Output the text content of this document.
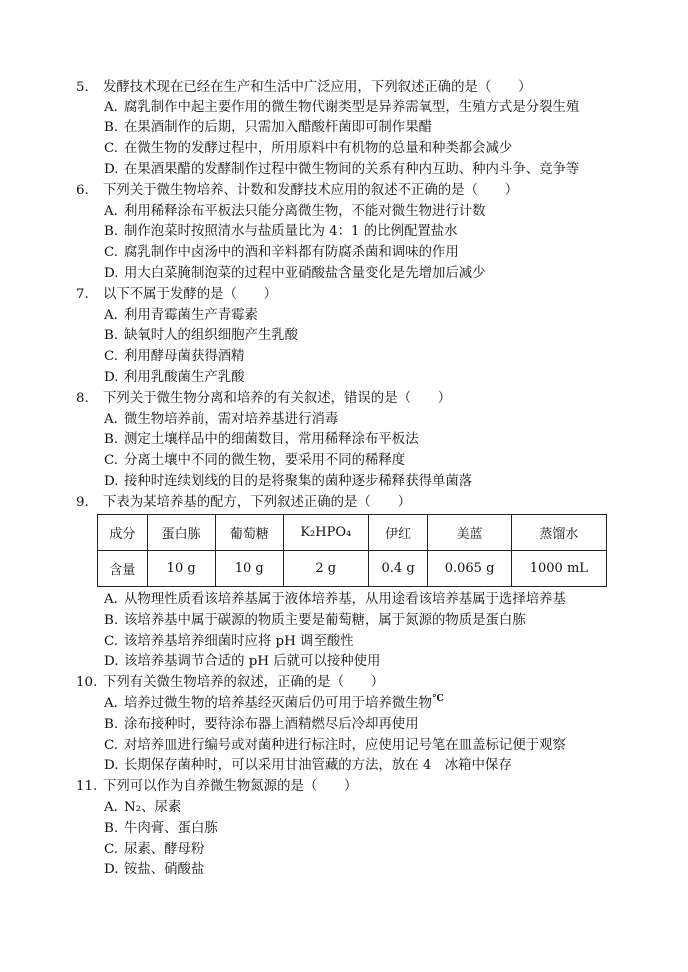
5. 发酵技术现在已经在生产和生活中广泛应用，下列叙述正确的是（　　）
A. 腐乳制作中起主要作用的微生物代谢类型是异养需氧型，生殖方式是分裂生殖
B. 在果酒制作的后期，只需加入醋酸杆菌即可制作果醋
C. 在微生物的发酵过程中，所用原料中有机物的总量和种类都会减少
D. 在果酒果醋的发酵制作过程中微生物间的关系有种内互助、种内斗争、竞争等
6. 下列关于微生物培养、计数和发酵技术应用的叙述不正确的是（　　）
A. 利用稀释涂布平板法只能分离微生物，不能对微生物进行计数
B. 制作泡菜时按照清水与盐质量比为 4：1 的比例配置盐水
C. 腐乳制作中卤汤中的酒和辛料都有防腐杀菌和调味的作用
D. 用大白菜腌制泡菜的过程中亚硝酸盐含量变化是先增加后减少
7. 以下不属于发酵的是（　　）
A. 利用青霉菌生产青霉素
B. 缺氧时人的组织细胞产生乳酸
C. 利用酵母菌获得酒精
D. 利用乳酸菌生产乳酸
8. 下列关于微生物分离和培养的有关叙述，错误的是（　　）
A. 微生物培养前，需对培养基进行消毒
B. 测定土壤样品中的细菌数目，常用稀释涂布平板法
C. 分离土壤中不同的微生物，要采用不同的稀释度
D. 接种时连续划线的目的是将聚集的菌种逐步稀释获得单菌落
9. 下表为某培养基的配方，下列叙述正确的是（　　）
成分	蛋白胨	葡萄糖	K₂HPO₄	伊红	美蓝	蒸馏水
含量	10 g	10 g	2 g	0.4 g	0.065 g	1000 mL
A. 从物理性质看该培养基属于液体培养基，从用途看该培养基属于选择培养基
B. 该培养基中属于碳源的物质主要是葡萄糖，属于氮源的物质是蛋白胨
C. 该培养基培养细菌时应将 pH 调至酸性
D. 该培养基调节合适的 pH 后就可以接种使用
10. 下列有关微生物培养的叙述，正确的是（　　）
A. 培养过微生物的培养基经灭菌后仍可用于培养微生物$^{^\circ C}$
B. 涂布接种时，要待涂布器上酒精燃尽后冷却再使用
C. 对培养皿进行编号或对菌种进行标注时，应使用记号笔在皿盖标记便于观察
D. 长期保存菌种时，可以采用甘油管藏的方法，放在 4　冰箱中保存
11. 下列可以作为自养微生物氮源的是（　　）
A. N₂、尿素
B. 牛肉膏、蛋白胨
C. 尿素、酵母粉
D. 铵盐、硝酸盐
